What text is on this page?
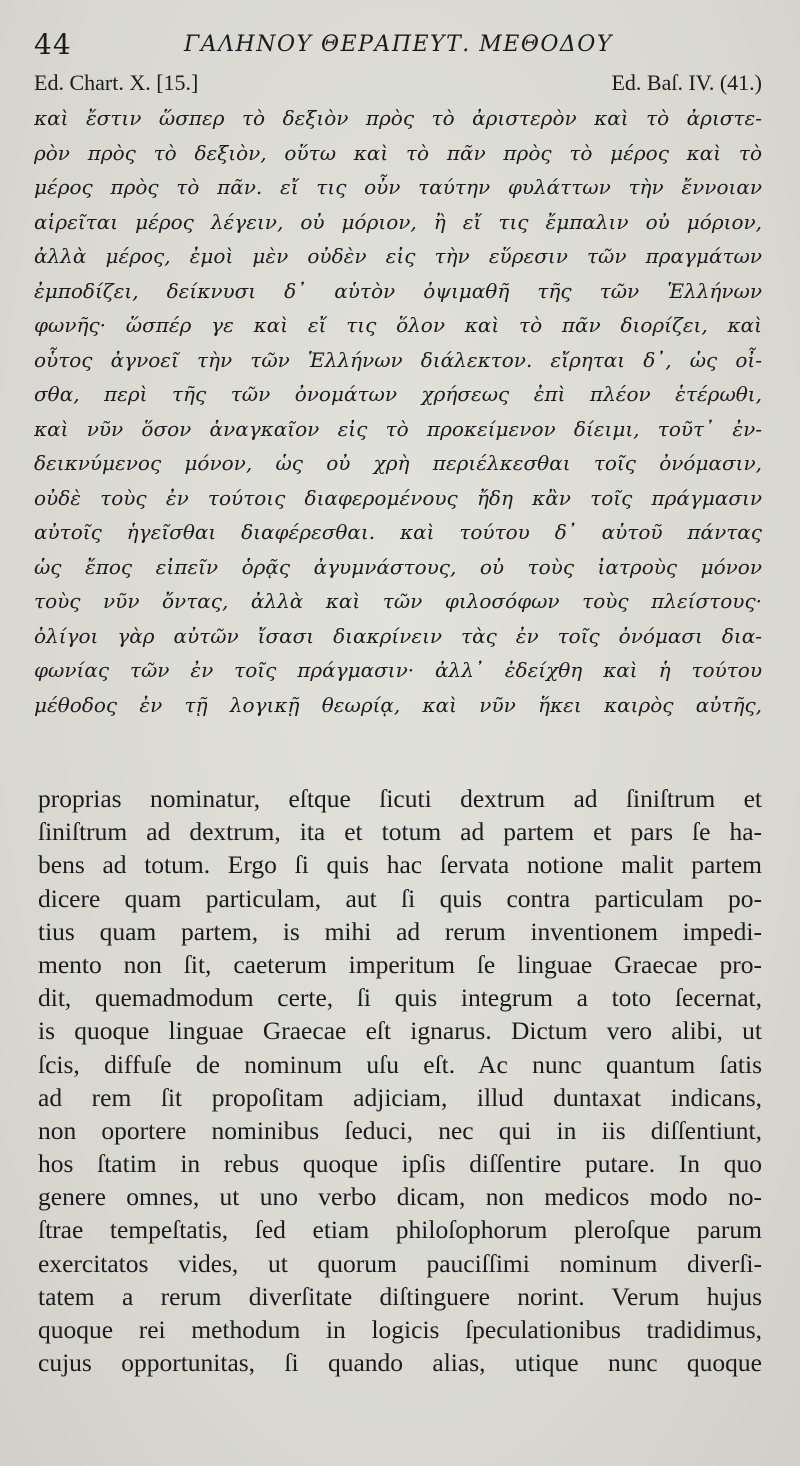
44	ΓΑΛΗΝΟΥ ΘΕΡΑΠΕΥΤ. ΜΕΘΟΔΟΥ
Ed. Chart. X. [15.]	Ed. Baſ. IV. (41.)
καὶ ἔστιν ὥσπερ τὸ δεξιὸν πρὸς τὸ ἀριστερὸν καὶ τὸ ἀριστε-
ρὸν πρὸς τὸ δεξιὸν, οὕτω καὶ τὸ πᾶν πρὸς τὸ μέρος καὶ τὸ
μέρος πρὸς τὸ πᾶν. εἴ τις οὖν ταύτην φυλάττων τὴν ἔννοιαν
αἱρεῖται μέρος λέγειν, οὐ μόριον, ἢ εἴ τις ἔμπαλιν οὐ μόριον,
ἀλλὰ μέρος, ἐμοὶ μὲν οὐδὲν εἰς τὴν εὕρεσιν τῶν πραγμάτων
ἐμποδίζει, δείκνυσι δ᾽ αὑτὸν ὀψιμαθῆ τῆς τῶν Ἑλλήνων
φωνῆς· ὥσπέρ γε καὶ εἴ τις ὅλον καὶ τὸ πᾶν διορίζει, καὶ
οὗτος ἀγνοεῖ τὴν τῶν Ἑλλήνων διάλεκτον. εἴρηται δ᾽, ὡς οἶ-
σθα, περὶ τῆς τῶν ὀνομάτων χρήσεως ἐπὶ πλέον ἑτέρωθι,
καὶ νῦν ὅσον ἀναγκαῖον εἰς τὸ προκείμενον δίειμι, τοῦτ᾽ ἐν-
δεικνύμενος μόνον, ὡς οὐ χρὴ περιέλκεσθαι τοῖς ὀνόμασιν,
οὐδὲ τοὺς ἐν τούτοις διαφερομένους ἤδη κἂν τοῖς πράγμασιν
αὐτοῖς ἡγεῖσθαι διαφέρεσθαι. καὶ τούτου δ᾽ αὐτοῦ πάντας
ὡς ἔπος εἰπεῖν ὁρᾷς ἀγυμνάστους, οὐ τοὺς ἰατροὺς μόνον
τοὺς νῦν ὄντας, ἀλλὰ καὶ τῶν φιλοσόφων τοὺς πλείστους·
ὀλίγοι γὰρ αὐτῶν ἴσασι διακρίνειν τὰς ἐν τοῖς ὀνόμασι δια-
φωνίας τῶν ἐν τοῖς πράγμασιν· ἀλλ᾽ ἐδείχθη καὶ ἡ τούτου
μέθοδος ἐν τῇ λογικῇ θεωρίᾳ, καὶ νῦν ἥκει καιρὸς αὐτῆς,
proprias nominatur, eſtque ſicuti dextrum ad ſiniſtrum et
ſiniſtrum ad dextrum, ita et totum ad partem et pars ſe ha-
bens ad totum. Ergo ſi quis hac ſervata notione malit partem
dicere quam particulam, aut ſi quis contra particulam po-
tius quam partem, is mihi ad rerum inventionem impedi-
mento non ſit, caeterum imperitum ſe linguae Graecae pro-
dit, quemadmodum certe, ſi quis integrum a toto ſecernat,
is quoque linguae Graecae eſt ignarus. Dictum vero alibi, ut
ſcis, diffuſe de nominum uſu eſt. Ac nunc quantum ſatis
ad rem ſit propoſitam adjiciam, illud duntaxat indicans,
non oportere nominibus ſeduci, nec qui in iis diſſentiunt,
hos ſtatim in rebus quoque ipſis diſſentire putare. In quo
genere omnes, ut uno verbo dicam, non medicos modo no-
ſtrae tempeſtatis, ſed etiam philoſophorum pleroſque parum
exercitatos vides, ut quorum pauciſſimi nominum diverſi-
tatem a rerum diverſitate diſtinguere norint. Verum hujus
quoque rei methodum in logicis ſpeculationibus tradidimus,
cujus opportunitas, ſi quando alias, utique nunc quoque
